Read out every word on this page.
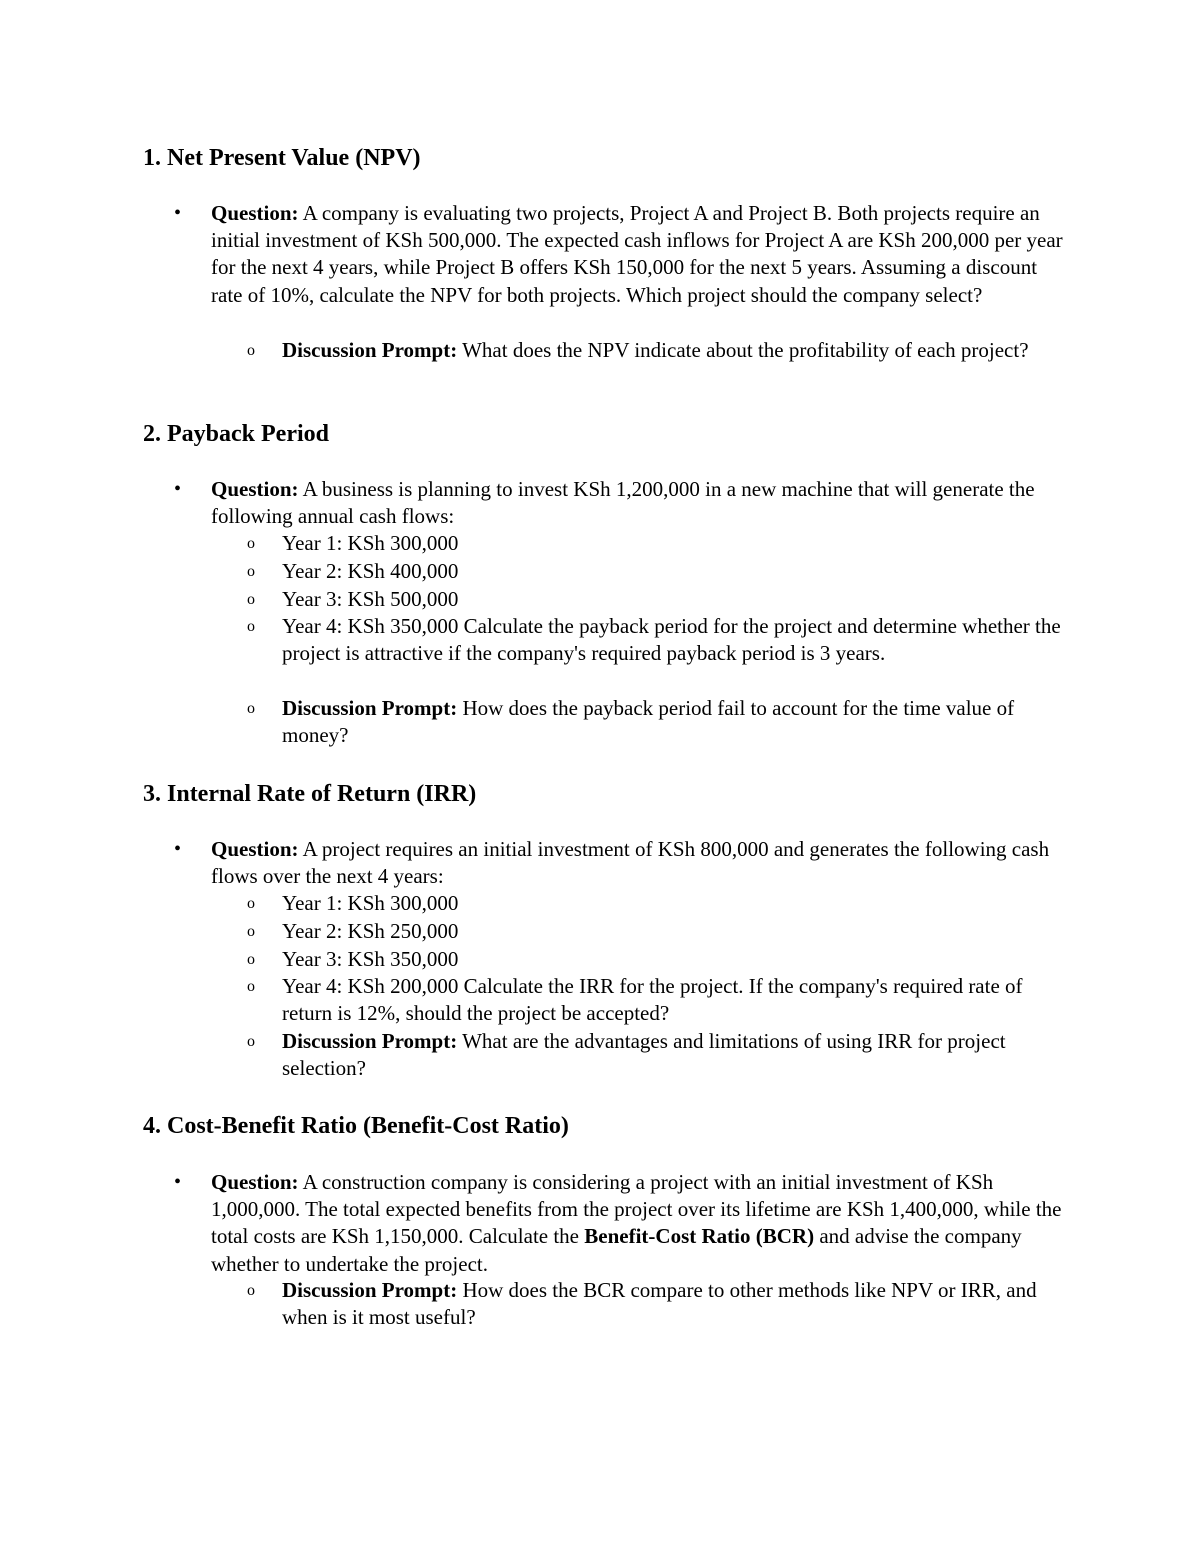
1. Net Present Value (NPV)
• Question: A company is evaluating two projects, Project A and Project B. Both projects require an initial investment of KSh 500,000. The expected cash inflows for Project A are KSh 200,000 per year for the next 4 years, while Project B offers KSh 150,000 for the next 5 years. Assuming a discount rate of 10%, calculate the NPV for both projects. Which project should the company select?

o Discussion Prompt: What does the NPV indicate about the profitability of each project?

2. Payback Period
• Question: A business is planning to invest KSh 1,200,000 in a new machine that will generate the following annual cash flows:

o Year 1: KSh 300,000

o Year 2: KSh 400,000

o Year 3: KSh 500,000

o Year 4: KSh 350,000 Calculate the payback period for the project and determine whether the project is attractive if the company's required payback period is 3 years.

o Discussion Prompt: How does the payback period fail to account for the time value of money?

3. Internal Rate of Return (IRR)
• Question: A project requires an initial investment of KSh 800,000 and generates the following cash flows over the next 4 years:

o Year 1: KSh 300,000

o Year 2: KSh 250,000

o Year 3: KSh 350,000

o Year 4: KSh 200,000 Calculate the IRR for the project. If the company's required rate of return is 12%, should the project be accepted?

o Discussion Prompt: What are the advantages and limitations of using IRR for project selection?

4. Cost-Benefit Ratio (Benefit-Cost Ratio)
• Question: A construction company is considering a project with an initial investment of KSh 1,000,000. The total expected benefits from the project over its lifetime are KSh 1,400,000, while the total costs are KSh 1,150,000. Calculate the Benefit-Cost Ratio (BCR) and advise the company whether to undertake the project.

o Discussion Prompt: How does the BCR compare to other methods like NPV or IRR, and when is it most useful?
